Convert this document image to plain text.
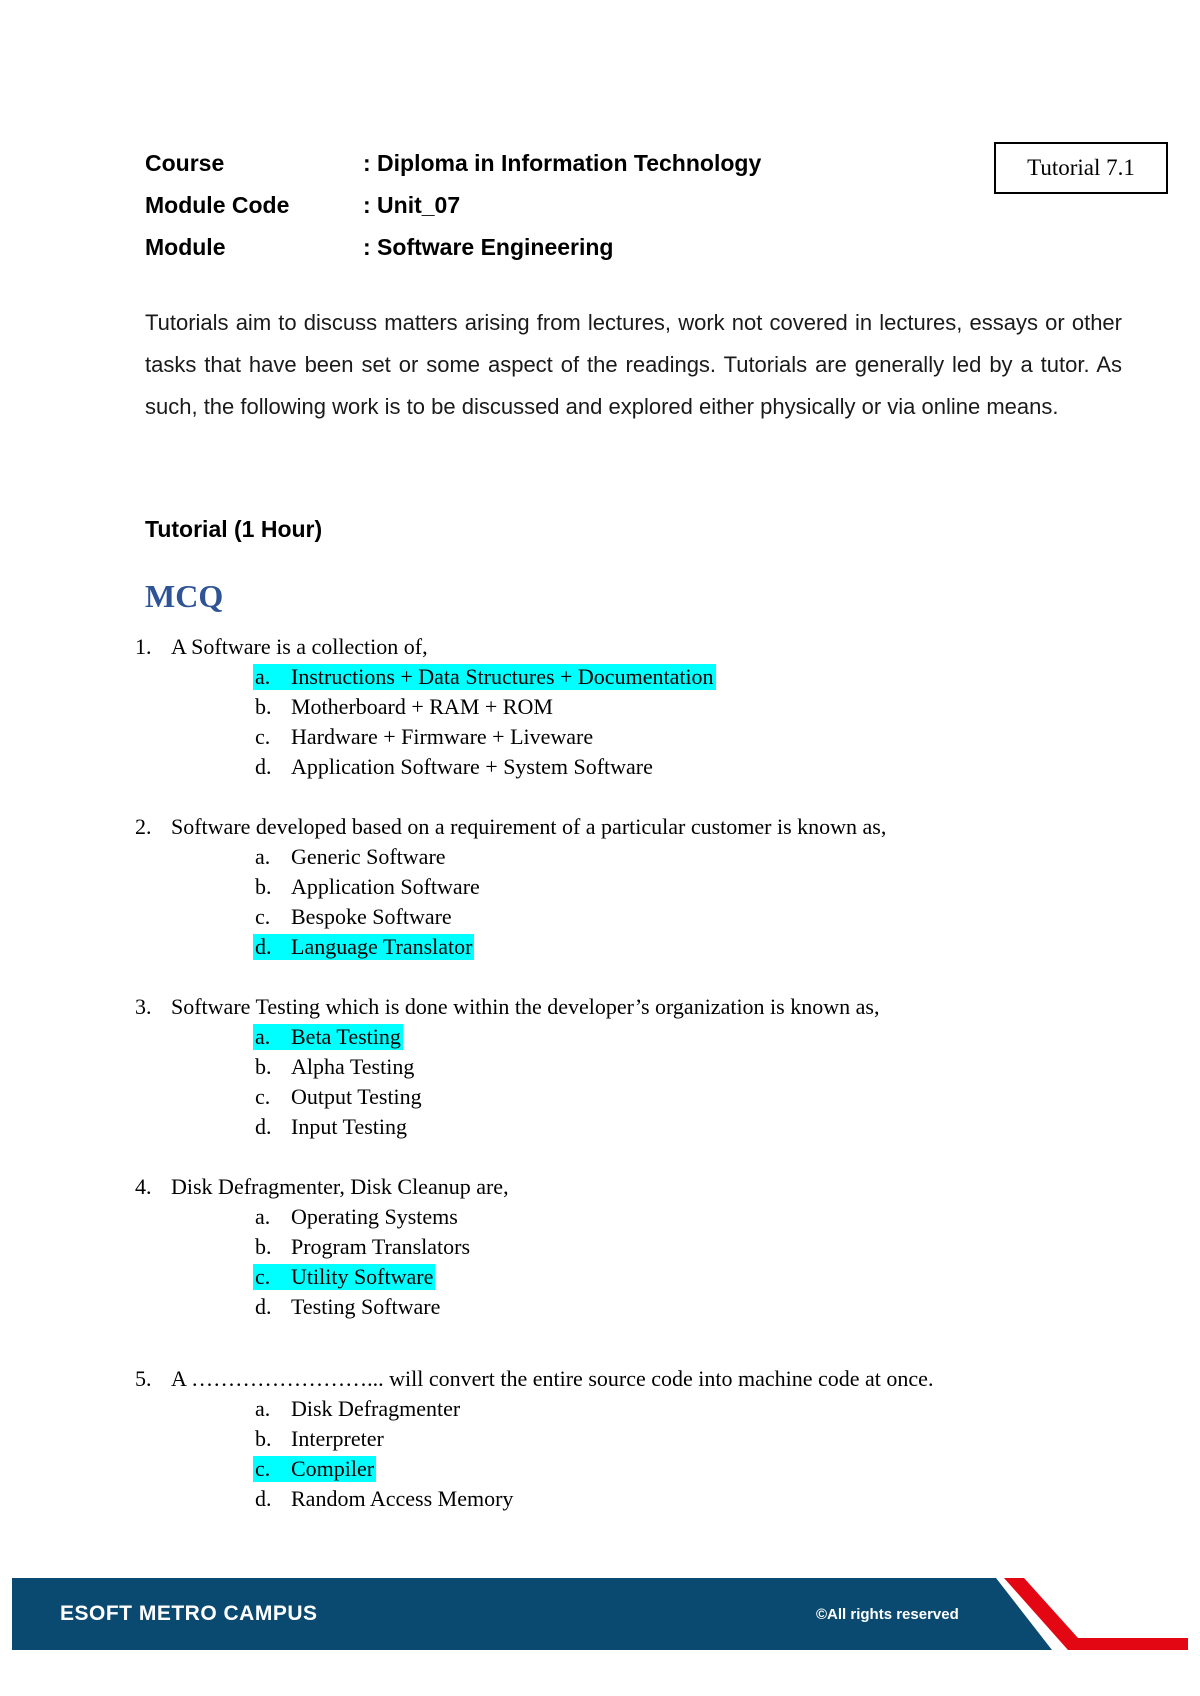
Course	: Diploma in Information Technology
Module Code	: Unit_07
Module	: Software Engineering
Tutorial 7.1

Tutorials aim to discuss matters arising from lectures, work not covered in lectures, essays or other tasks that have been set or some aspect of the readings. Tutorials are generally led by a tutor. As such, the following work is to be discussed and explored either physically or via online means.

Tutorial (1 Hour)
MCQ
1. A Software is a collection of,
a. Instructions + Data Structures + Documentation
b. Motherboard + RAM + ROM
c. Hardware + Firmware + Liveware
d. Application Software + System Software
2. Software developed based on a requirement of a particular customer is known as,
a. Generic Software
b. Application Software
c. Bespoke Software
d. Language Translator
3. Software Testing which is done within the developer’s organization is known as,
a. Beta Testing
b. Alpha Testing
c. Output Testing
d. Input Testing
4. Disk Defragmenter, Disk Cleanup are,
a. Operating Systems
b. Program Translators
c. Utility Software
d. Testing Software
5. A ……………………... will convert the entire source code into machine code at once.
a. Disk Defragmenter
b. Interpreter
c. Compiler
d. Random Access Memory
ESOFT METRO CAMPUS	©All rights reserved
